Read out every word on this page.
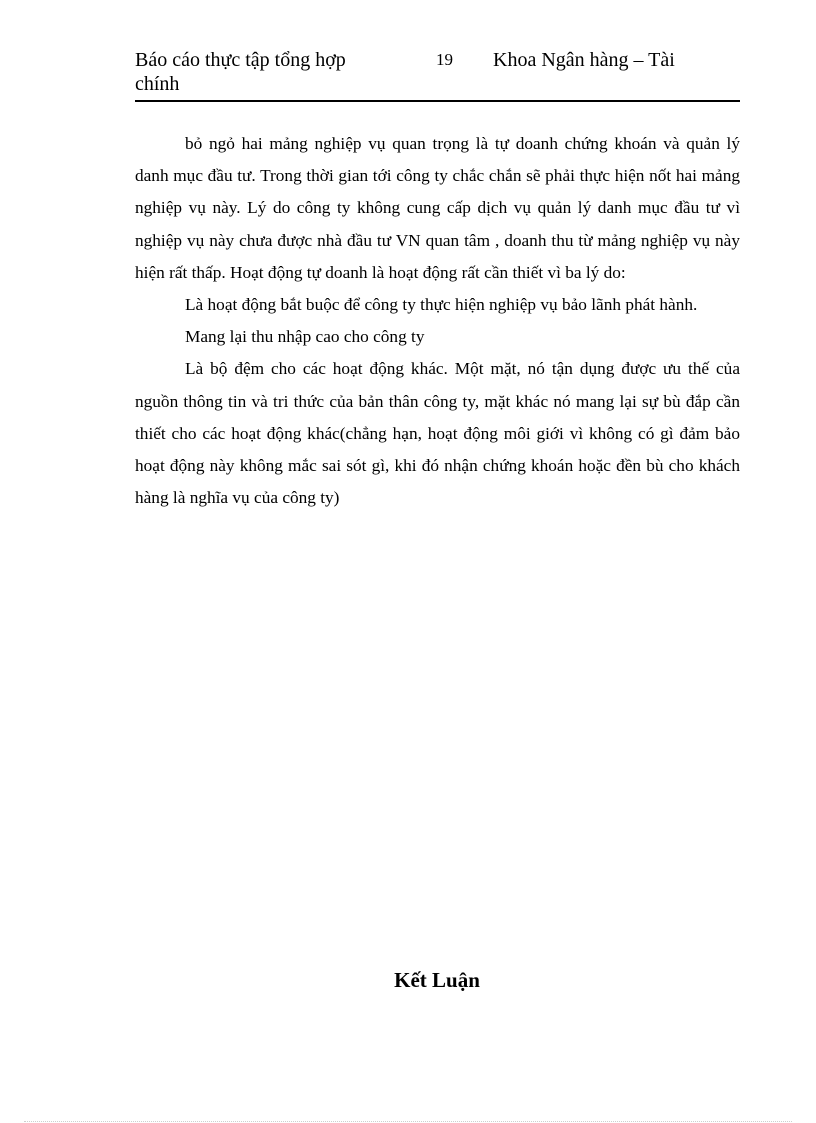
Báo cáo thực tập tổng hợp chính
19 Khoa Ngân hàng – Tài

bỏ ngỏ hai mảng nghiệp vụ quan trọng là tự doanh chứng khoán và quản lý danh mục đầu tư. Trong thời gian tới công ty chắc chắn sẽ phải thực hiện nốt hai mảng nghiệp vụ này. Lý do công ty không cung cấp dịch vụ quản lý danh mục đầu tư vì nghiệp vụ này chưa được nhà đầu tư VN quan tâm , doanh thu từ mảng nghiệp vụ này hiện rất thấp. Hoạt động tự doanh là hoạt động rất cần thiết vì ba lý do:

Là hoạt động bắt buộc để công ty thực hiện nghiệp vụ bảo lãnh phát hành.

Mang lại thu nhập cao cho công ty

Là bộ đệm cho các hoạt động khác. Một mặt, nó tận dụng được ưu thế của nguồn thông tin và tri thức của bản thân công ty, mặt khác nó mang lại sự bù đắp cần thiết cho các hoạt động khác(chẳng hạn, hoạt động môi giới vì không có gì đảm bảo hoạt động này không mắc sai sót gì, khi đó nhận chứng khoán hoặc đền bù cho khách hàng là nghĩa vụ của công ty)

Kết Luận
